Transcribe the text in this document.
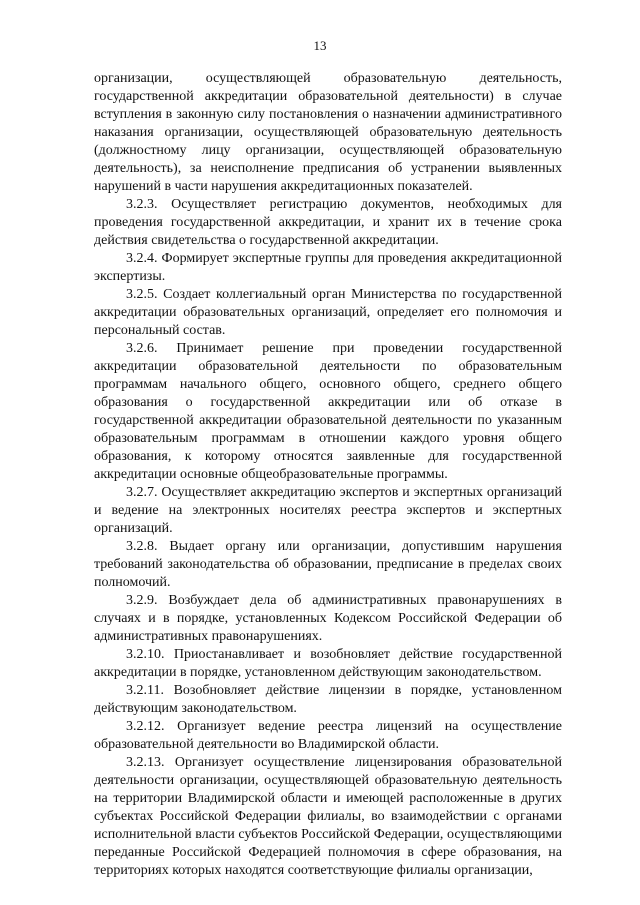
13

организации, осуществляющей образовательную деятельность, государственной аккредитации образовательной деятельности) в случае вступления в законную силу постановления о назначении административного наказания организации, осуществляющей образовательную деятельность (должностному лицу организации, осуществляющей образовательную деятельность), за неисполнение предписания об устранении выявленных нарушений в части нарушения аккредитационных показателей.

3.2.3. Осуществляет регистрацию документов, необходимых для проведения государственной аккредитации, и хранит их в течение срока действия свидетельства о государственной аккредитации.

3.2.4. Формирует экспертные группы для проведения аккредитационной экспертизы.

3.2.5. Создает коллегиальный орган Министерства по государственной аккредитации образовательных организаций, определяет его полномочия и персональный состав.

3.2.6. Принимает решение при проведении государственной аккредитации образовательной деятельности по образовательным программам начального общего, основного общего, среднего общего образования о государственной аккредитации или об отказе в государственной аккредитации образовательной деятельности по указанным образовательным программам в отношении каждого уровня общего образования, к которому относятся заявленные для государственной аккредитации основные общеобразовательные программы.

3.2.7. Осуществляет аккредитацию экспертов и экспертных организаций и ведение на электронных носителях реестра экспертов и экспертных организаций.

3.2.8. Выдает органу или организации, допустившим нарушения требований законодательства об образовании, предписание в пределах своих полномочий.

3.2.9. Возбуждает дела об административных правонарушениях в случаях и в порядке, установленных Кодексом Российской Федерации об административных правонарушениях.

3.2.10. Приостанавливает и возобновляет действие государственной аккредитации в порядке, установленном действующим законодательством.

3.2.11. Возобновляет действие лицензии в порядке, установленном действующим законодательством.

3.2.12. Организует ведение реестра лицензий на осуществление образовательной деятельности во Владимирской области.

3.2.13. Организует осуществление лицензирования образовательной деятельности организации, осуществляющей образовательную деятельность на территории Владимирской области и имеющей расположенные в других субъектах Российской Федерации филиалы, во взаимодействии с органами исполнительной власти субъектов Российской Федерации, осуществляющими переданные Российской Федерацией полномочия в сфере образования, на территориях которых находятся соответствующие филиалы организации,
